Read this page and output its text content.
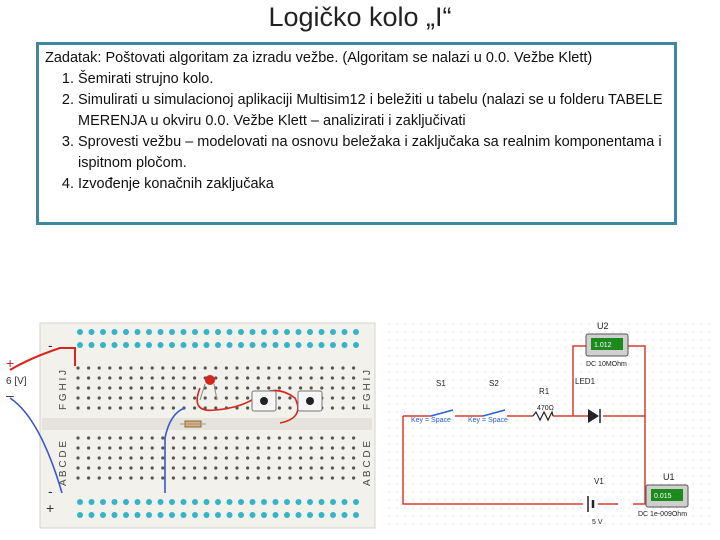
Logičko kolo „I“

Zadatak: Poštovati algoritam za izradu vežbe. (Algoritam se nalazi u 0.0. Vežbe Klett)

1. Šemirati strujno kolo.
2. Simulirati u simulacionoj aplikaciji Multisim12 i beležiti u tabelu (nalazi se u folderu TABELE MERENJA u okviru 0.0. Vežbe Klett – analizirati i zaključivati
3. Sprovesti vežbu – modelovati na osnovu beležaka i zaključaka sa realnim komponentama i ispitnom pločom.
4. Izvođenje konačnih zaključaka
+
-
6 [V]
–
-
+
F G H I J
A B C D E
F G H I J
A B C D E
U2
1.012
DC 10MOhm
LED1
S1
Key = Space
S2
Key = Space
R1
470Ω
V1
5 V
U1
0.015
DC 1e-009Ohm
